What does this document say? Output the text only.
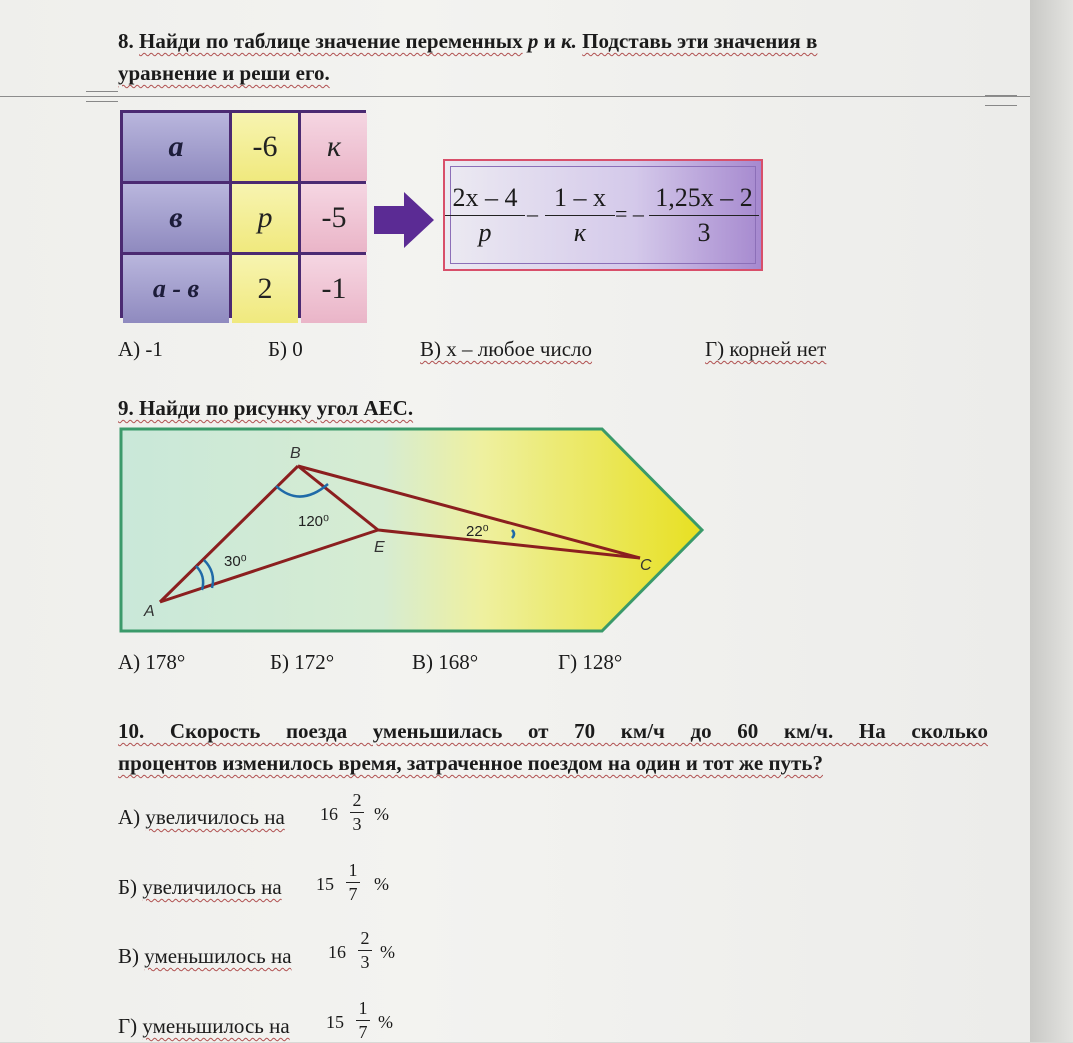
8. Найди по таблице значение переменных p и к. Подставь эти значения в
уравнение и реши его.
а	-6	к
в	р	-5
а - в	2	-1
2x – 4
p
–
1 – x
к
= –
1,25x – 2
3
А) -1	Б) 0	В) x – любое число	Г) корней нет
9. Найди по рисунку угол АЕС.
A
B
E
C
120⁰
30⁰
22⁰
А) 178°	Б) 172°	В) 168°	Г) 128°
10. Скорость поезда уменьшилась от 70 км/ч до 60 км/ч. На сколько
процентов изменилось время, затраченное поездом на один и тот же путь?
А) увеличилось на 16
2
3 %
Б) увеличилось на 15
1
7 %
В) уменьшилось на 16
2
3 %
Г) уменьшилось на 15
1
7 %
